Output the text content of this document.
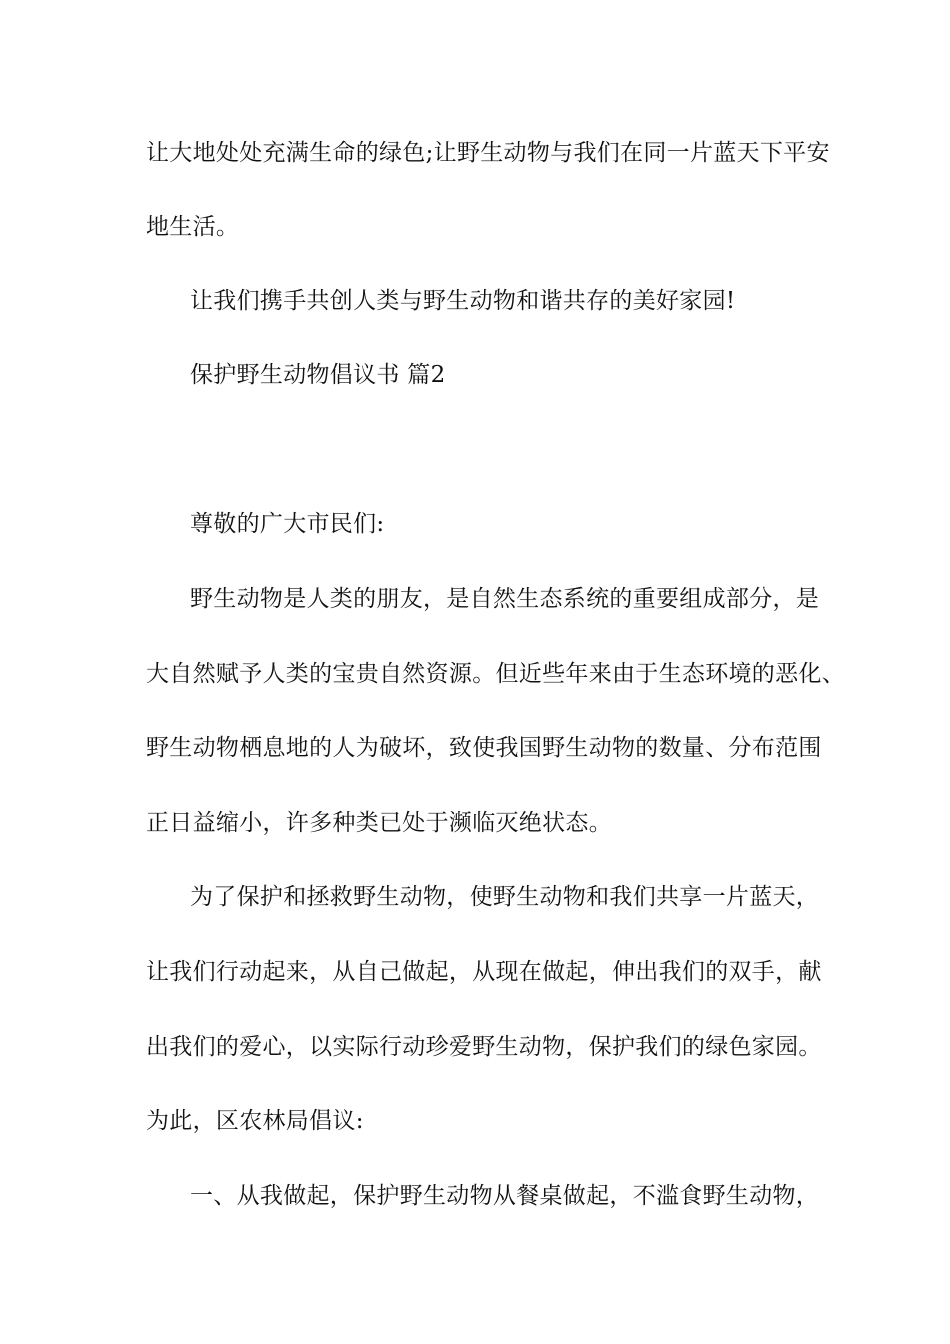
让大地处处充满生命的绿色;让野生动物与我们在同一片蓝天下平安
地生活。
让我们携手共创人类与野生动物和谐共存的美好家园!
保护野生动物倡议书 篇2
尊敬的广大市民们:
野生动物是人类的朋友，是自然生态系统的重要组成部分，是
大自然赋予人类的宝贵自然资源。但近些年来由于生态环境的恶化、
野生动物栖息地的人为破坏，致使我国野生动物的数量、分布范围
正日益缩小，许多种类已处于濒临灭绝状态。
为了保护和拯救野生动物，使野生动物和我们共享一片蓝天，
让我们行动起来，从自己做起，从现在做起，伸出我们的双手，献
出我们的爱心，以实际行动珍爱野生动物，保护我们的绿色家园。
为此，区农林局倡议:
一、从我做起，保护野生动物从餐桌做起，不滥食野生动物，
